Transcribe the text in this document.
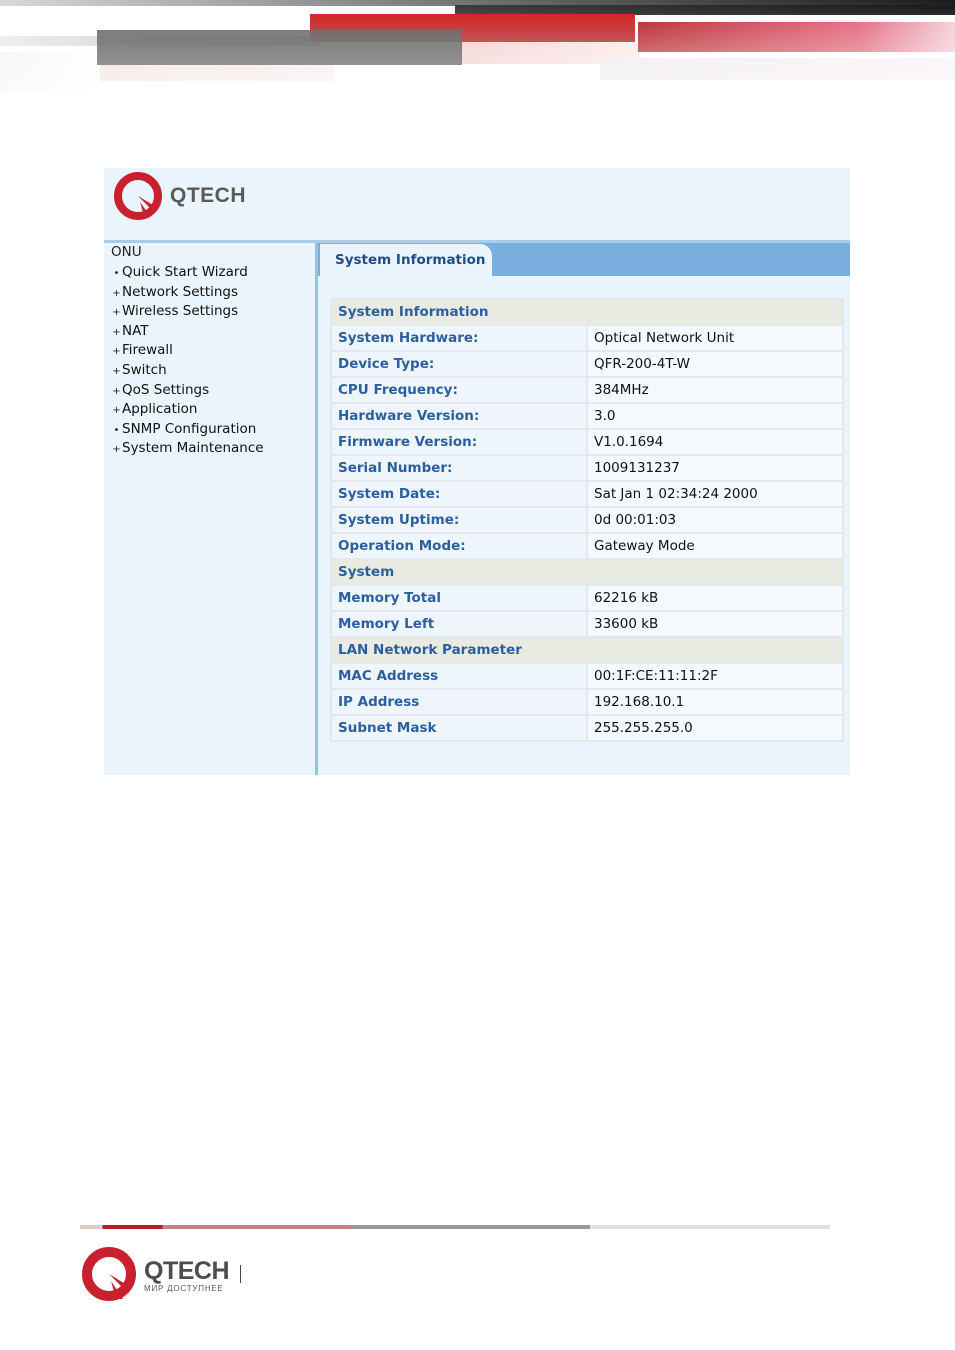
QTECH
ONU
• Quick Start Wizard
+Network Settings
+Wireless Settings
+NAT
+Firewall
+Switch
+QoS Settings
+Application
• SNMP Configuration
+System Maintenance
System Information
System Information	
System Hardware:	Optical Network Unit
Device Type:	QFR-200-4T-W
CPU Frequency:	384MHz
Hardware Version:	3.0
Firmware Version:	V1.0.1694
Serial Number:	1009131237
System Date:	Sat Jan 1 02:34:24 2000
System Uptime:	0d 00:01:03
Operation Mode:	Gateway Mode
System	
Memory Total	62216 kB
Memory Left	33600 kB
LAN Network Parameter	
MAC Address	00:1F:CE:11:11:2F
IP Address	192.168.10.1
Subnet Mask	255.255.255.0
QTECH
МИР ДОСТУПНЕЕ
